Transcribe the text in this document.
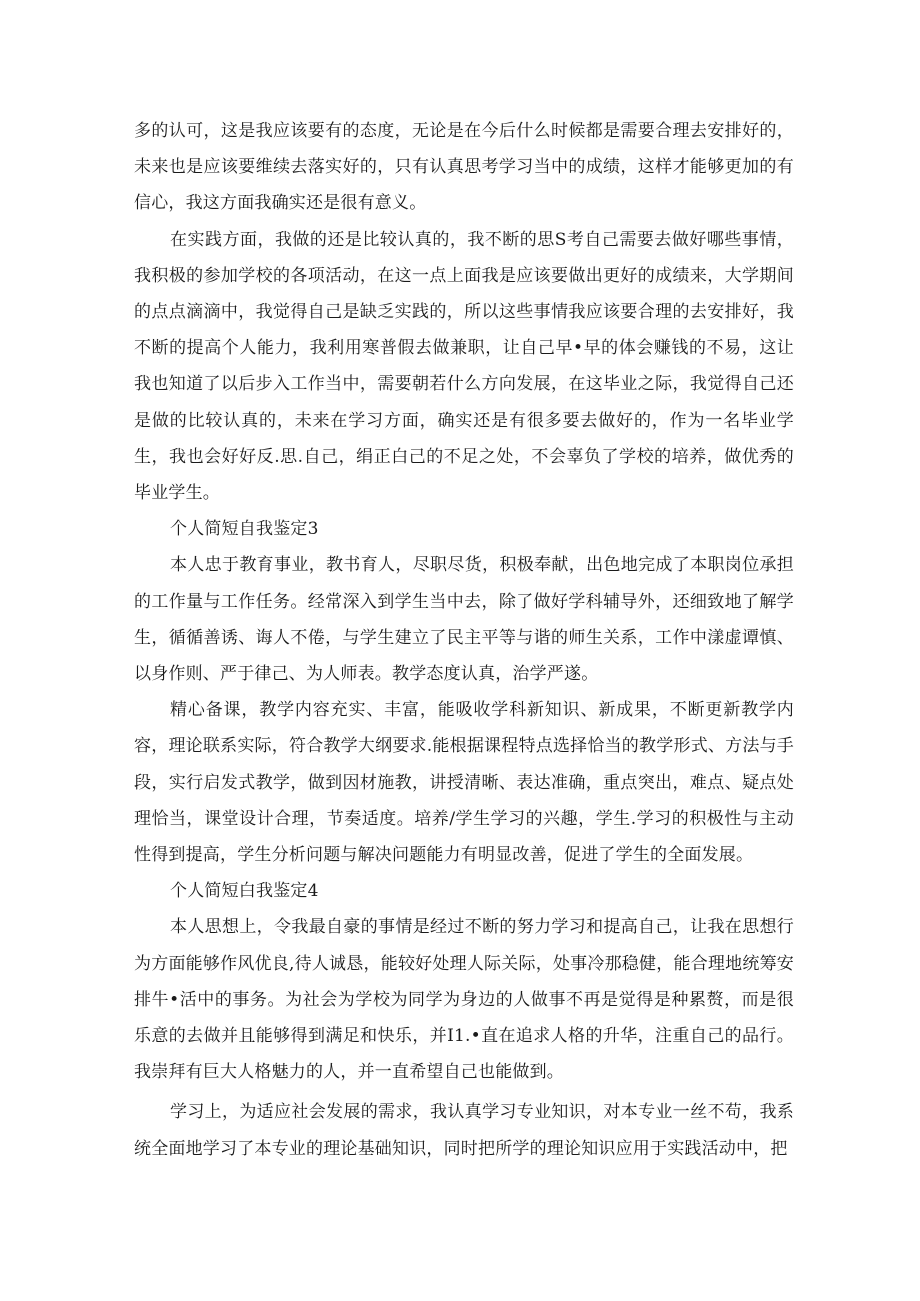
多的认可，这是我应该要有的态度，无论是在今后什么时候都是需要合理去安排好的，未来也是应该要维续去落实好的，只有认真思考学习当中的成绩，这样才能够更加的有信心，我这方面我确实还是很有意义。

在实践方面，我做的还是比较认真的，我不断的思S考自己需要去做好哪些事情，我积极的参加学校的各项活动，在这一点上面我是应该要做出更好的成绩来，大学期间的点点滴滴中，我觉得自己是缺乏实践的，所以这些事情我应该要合理的去安排好，我不断的提高个人能力，我利用寒普假去做兼职，让自己早•早的体会赚钱的不易，这让我也知道了以后步入工作当中，需要朝若什么方向发展，在这毕业之际，我觉得自己还是做的比较认真的，未来在学习方面，确实还是有很多要去做好的，作为一名毕业学生，我也会好好反.思.自己，绢正白己的不足之处，不会辜负了学校的培养，做优秀的毕业学生。

个人简短自我鉴定3

本人忠于教育事业，教书育人，尽职尽货，积极奉献，出色地完成了本职岗位承担的工作量与工作任务。经常深入到学生当中去，除了做好学科辅导外，还细致地了解学生，循循善诱、诲人不倦，与学生建立了民主平等与谐的师生关系，工作中漾虚谭慎、以身作则、严于律己、为人师表。教学态度认真，治学严遂。

精心备课，教学内容充实、丰富，能吸收学科新知识、新成果，不断更新教学内容，理论联系实际，符合教学大纲要求.能根据课程特点选择恰当的教学形式、方法与手段，实行启发式教学，做到因材施教，讲授清晰、表达准确，重点突出，难点、疑点处理恰当，课堂设计合理，节奏适度。培养/学生学习的兴趣，学生.学习的积极性与主动性得到提高，学生分析问题与解决问题能力有明显改善，促进了学生的全面发展。

个人简短白我鉴定4

本人思想上，令我最自豪的事情是经过不断的努力学习和提高自己，让我在思想行为方面能够作风优良,待人诚恳，能较好处理人际关际，处事冷那稳健，能合理地统筹安排牛•活中的事务。为社会为学校为同学为身边的人做事不再是觉得是种累赘，而是很乐意的去做并且能够得到满足和快乐，并I1.•直在追求人格的升华，注重自己的品行。我崇拜有巨大人格魅力的人，并一直希望自己也能做到。

学习上，为适应社会发展的需求，我认真学习专业知识，对本专业一丝不苟，我系统全面地学习了本专业的理论基础知识，同时把所学的理论知识应用于实践活动中，把
